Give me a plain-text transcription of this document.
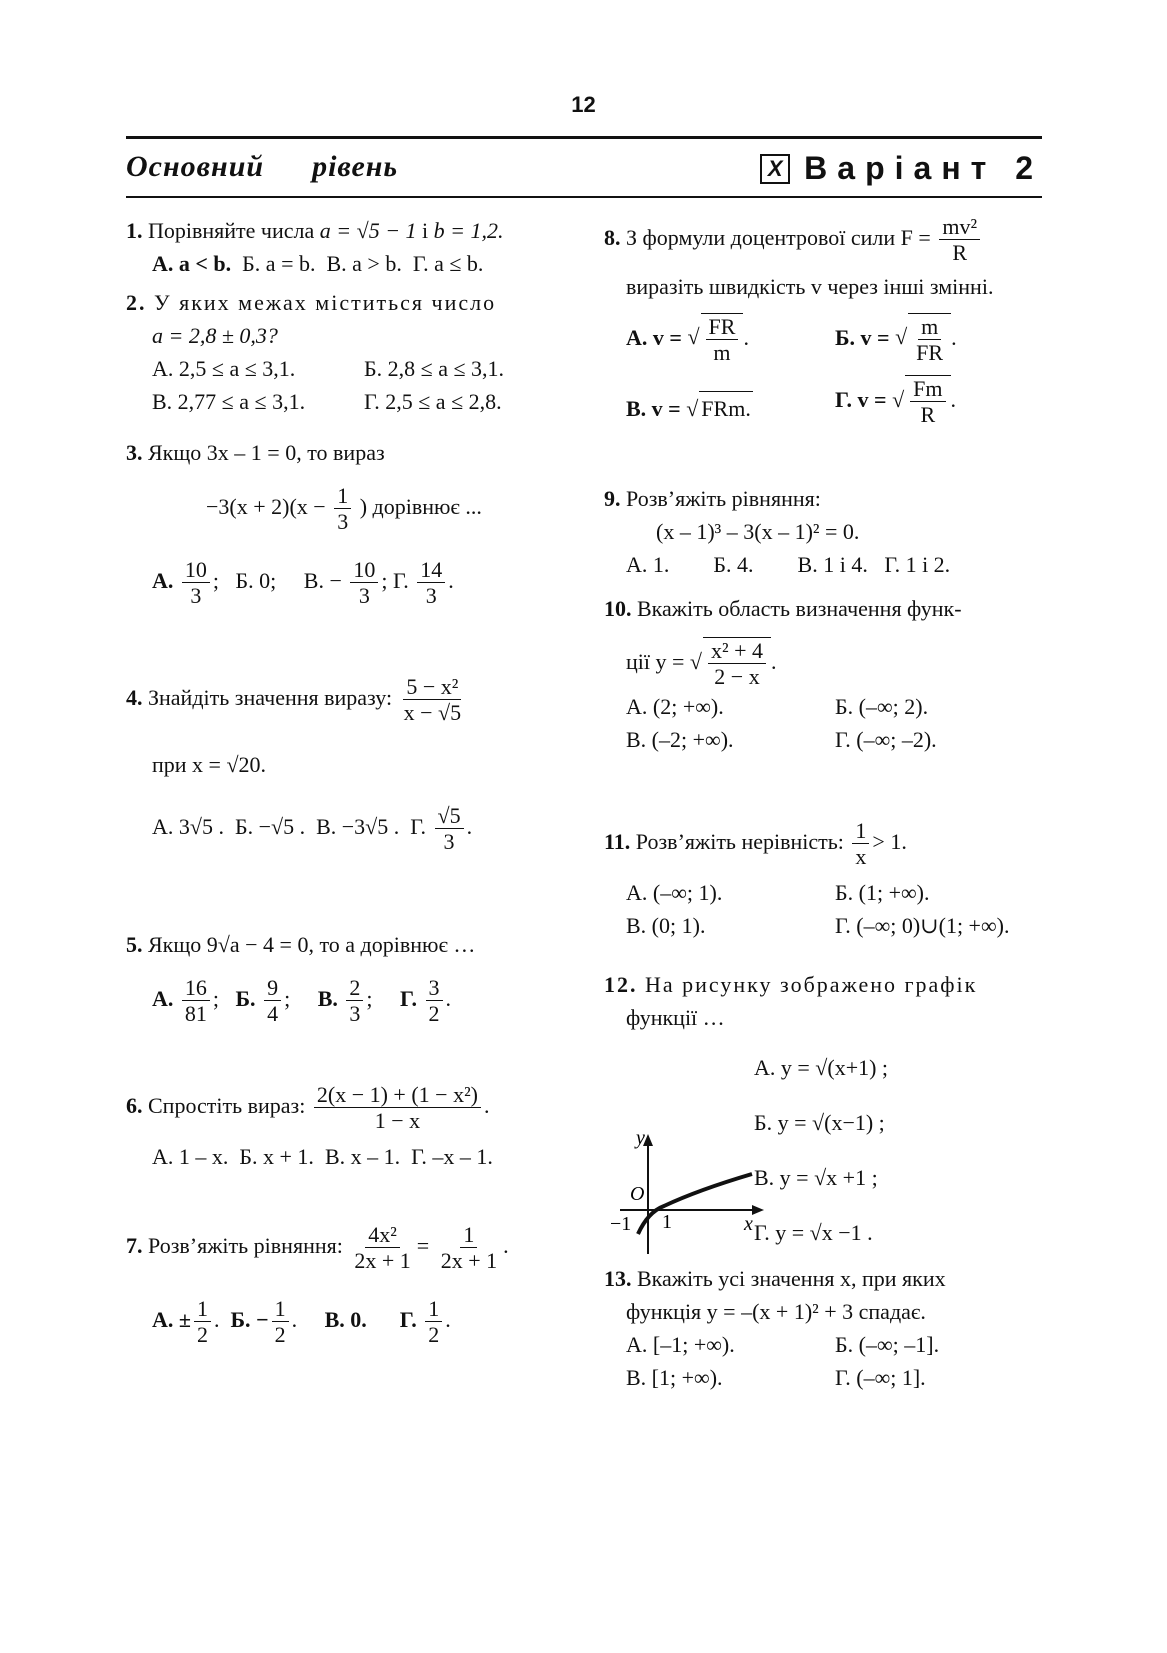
12
Основний рівень	X Варіант 2
1. Порівняйте числа a = √5 − 1 і b = 1,2.
А. a < b. Б. a = b. В. a > b. Г. a ≤ b.
2. У яких межах міститься число
a = 2,8 ± 0,3?
А. 2,5 ≤ a ≤ 3,1.	Б. 2,8 ≤ a ≤ 3,1.
В. 2,77 ≤ a ≤ 3,1.	Г. 2,5 ≤ a ≤ 2,8.
3. Якщо 3x – 1 = 0, то вираз
$-3(x + 2)(x - \frac{1}{3}$ ) дорівнює ...
А. $\frac{10}{3}$ ; Б. 0; В. − $\frac{10}{3}$ ; Г. $\frac{14}{3}$ .
4. Знайдіть значення виразу: $\frac{\text{5 − x²}}{x - √5}$
при x = √20.
А. 3√5 . Б. −√5 . В. −3√5 . Г. $\frac{√5}{3}$ .
5. Якщо 9√a − 4 = 0, то a дорівнює …
А. $\frac{16}{81}$ ;   Б. $\frac{9}{4}$ ;     В. $\frac{2}{3}$ ;     Г. $\frac{3}{2}$ .
6. Спростіть вираз: $\frac{\text{2(x − 1) + (1 − x²)}}{1 - x}$ .
А. 1 – x. Б. x + 1. В. x – 1. Г. –x – 1.
7. Розв’яжіть рівняння: $\frac{\text{4x²}}{2x + 1} = \frac{1}{2x + 1}$ .
А. ± $\frac{1}{2}$ .  Б. − $\frac{1}{2}$ .     В. 0. Г. $\frac{1}{2}$ .
8. З формули доцентрової сили $F = \frac{\text{mv²}}{R}$
виразіть швидкість v через інші змінні.
А. v = √ $\frac{FR}{m}$ .	Б. v = √ $\frac{m}{FR}$ .
В. v = √ FRm.	Г. v = √ $\frac{Fm}{R}$ .
9. Розв’яжіть рівняння:
(x – 1)³ – 3(x – 1)² = 0.
А. 1. Б. 4. В. 1 і 4. Г. 1 і 2.
10. Вкажіть область визначення функ-
ції y = √ $\frac{\text{x² + 4}}{2 - x}$ .
А. (2; +∞).	Б. (–∞; 2).
В. (–2; +∞).	Г. (–∞; –2).
11. Розв’яжіть нерівність: $\frac{1}{x} > 1$.
А. (–∞; 1).	Б. (1; +∞).
В. (0; 1).	Г. (–∞; 0)∪(1; +∞).
12. На рисунку зображено графік
функції …
А. y = √(x+1) ;
Б. y = √(x−1) ;
В. y = √x +1 ;
Г. y = √x −1 .
13. Вкажіть усі значення x, при яких
функція y = –(x + 1)² + 3 спадає.
А. [–1; +∞).	Б. (–∞; –1].
В. [1; +∞).	Г. (–∞; 1].
y
O
−1 1	x
